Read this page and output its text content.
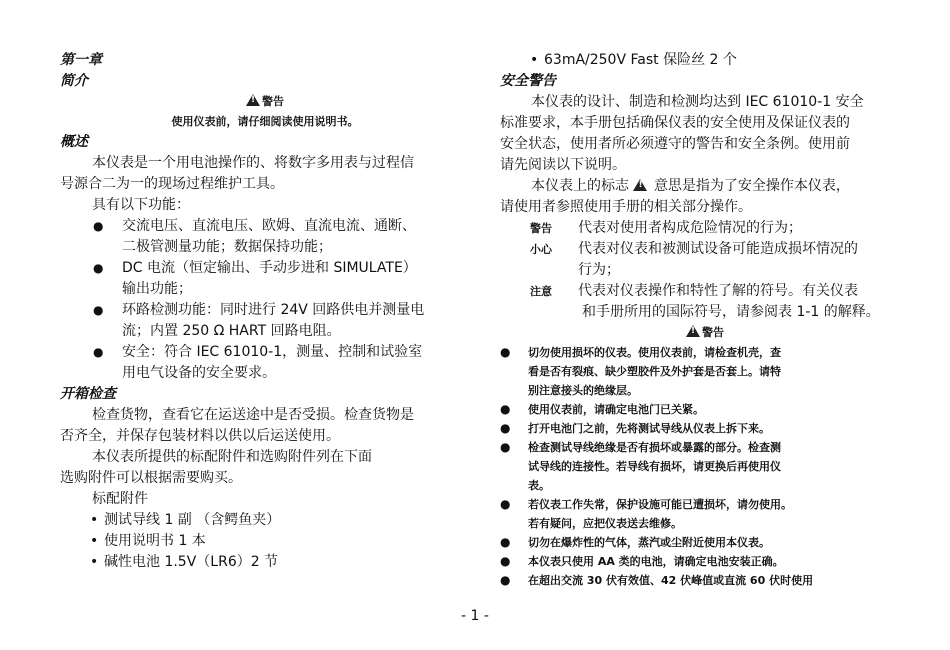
第一章
简介
!警告
使用仪表前，请仔细阅读使用说明书。
概述
本仪表是一个用电池操作的、将数字多用表与过程信
号源合二为一的现场过程维护工具。
具有以下功能：
● 交流电压、直流电压、欧姆、直流电流、通断、
二极管测量功能；数据保持功能；
● DC 电流（恒定输出、手动步进和 SIMULATE）
输出功能；
● 环路检测功能：同时进行 24V 回路供电并测量电
流；内置 250 Ω HART 回路电阻。
● 安全：符合 IEC 61010-1，测量、控制和试验室
用电气设备的安全要求。
开箱检查
检查货物，查看它在运送途中是否受损。检查货物是
否齐全，并保存包装材料以供以后运送使用。
本仪表所提供的标配附件和选购附件列在下面
选购附件可以根据需要购买。
标配附件
• 测试导线 1 副 （含鳄鱼夹）
• 使用说明书 1 本
• 碱性电池 1.5V（LR6）2 节
• 63mA/250V Fast 保险丝 2 个
安全警告
本仪表的设计、制造和检测均达到 IEC 61010-1 安全
标准要求，本手册包括确保仪表的安全使用及保证仪表的
安全状态，使用者所必须遵守的警告和安全条例。使用前
请先阅读以下说明。
本仪表上的标志 ! 意思是指为了安全操作本仪表，
请使用者参照使用手册的相关部分操作。
警告 代表对使用者构成危险情况的行为；
小心 代表对仪表和被测试设备可能造成损坏情况的
行为；
注意 代表对仪表操作和特性了解的符号。有关仪表
和手册所用的国际符号，请参阅表 1-1 的解释。
!警告
● 切勿使用损坏的仪表。使用仪表前，请检查机壳，查
看是否有裂痕、缺少塑胶件及外护套是否套上。请特
别注意接头的绝缘层。
● 使用仪表前，请确定电池门已关紧。
● 打开电池门之前，先将测试导线从仪表上拆下来。
● 检查测试导线绝缘是否有损坏或暴露的部分。检查测
试导线的连接性。若导线有损坏，请更换后再使用仪
表。
● 若仪表工作失常，保护设施可能已遭损坏，请勿使用。
若有疑问，应把仪表送去维修。
● 切勿在爆炸性的气体，蒸汽或尘附近使用本仪表。
● 本仪表只使用 AA 类的电池，请确定电池安装正确。
● 在超出交流 30 伏有效值、42 伏峰值或直流 60 伏时使用
- 1 -
